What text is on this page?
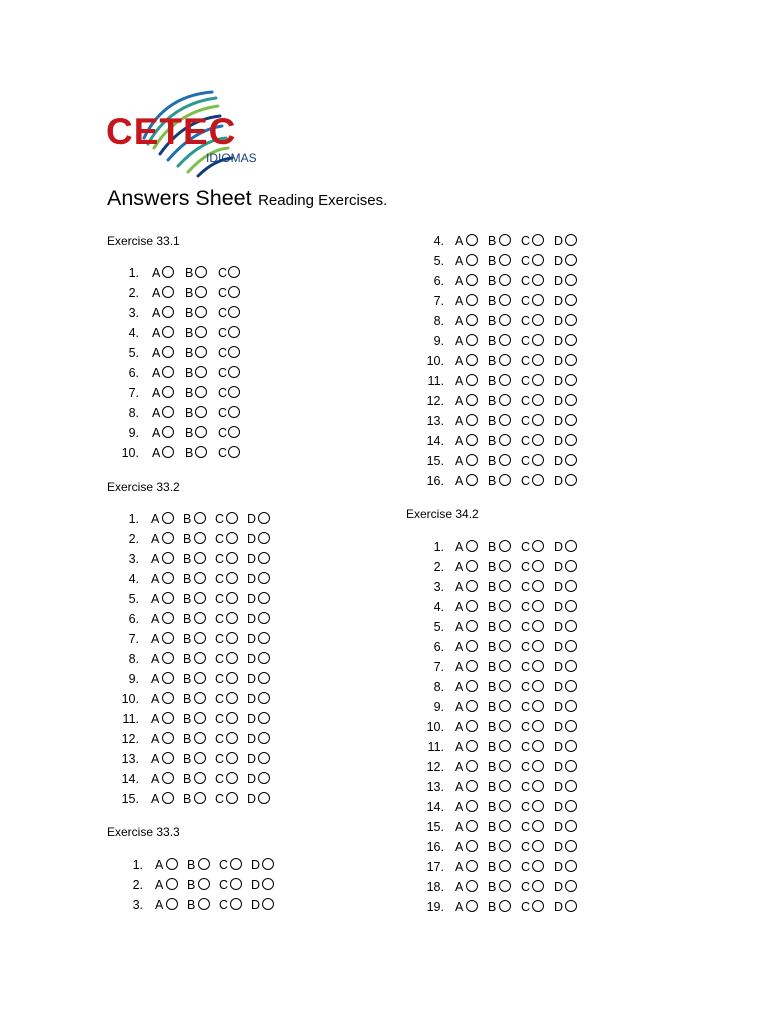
CETEC
IDIOMAS
Answers Sheet Reading Exercises.
Exercise 33.1
1. A B C
2. A B C
3. A B C
4. A B C
5. A B C
6. A B C
7. A B C
8. A B C
9. A B C
10. A B C
Exercise 33.2
1. A B C D
2. A B C D
3. A B C D
4. A B C D
5. A B C D
6. A B C D
7. A B C D
8. A B C D
9. A B C D
10. A B C D
11. A B C D
12. A B C D
13. A B C D
14. A B C D
15. A B C D
Exercise 33.3
1. A B C D
2. A B C D
3. A B C D
4. A B C D
5. A B C D
6. A B C D
7. A B C D
8. A B C D
9. A B C D
10. A B C D
11. A B C D
12. A B C D
13. A B C D
14. A B C D
15. A B C D
16. A B C D
Exercise 34.2
1. A B C D
2. A B C D
3. A B C D
4. A B C D
5. A B C D
6. A B C D
7. A B C D
8. A B C D
9. A B C D
10. A B C D
11. A B C D
12. A B C D
13. A B C D
14. A B C D
15. A B C D
16. A B C D
17. A B C D
18. A B C D
19. A B C D
